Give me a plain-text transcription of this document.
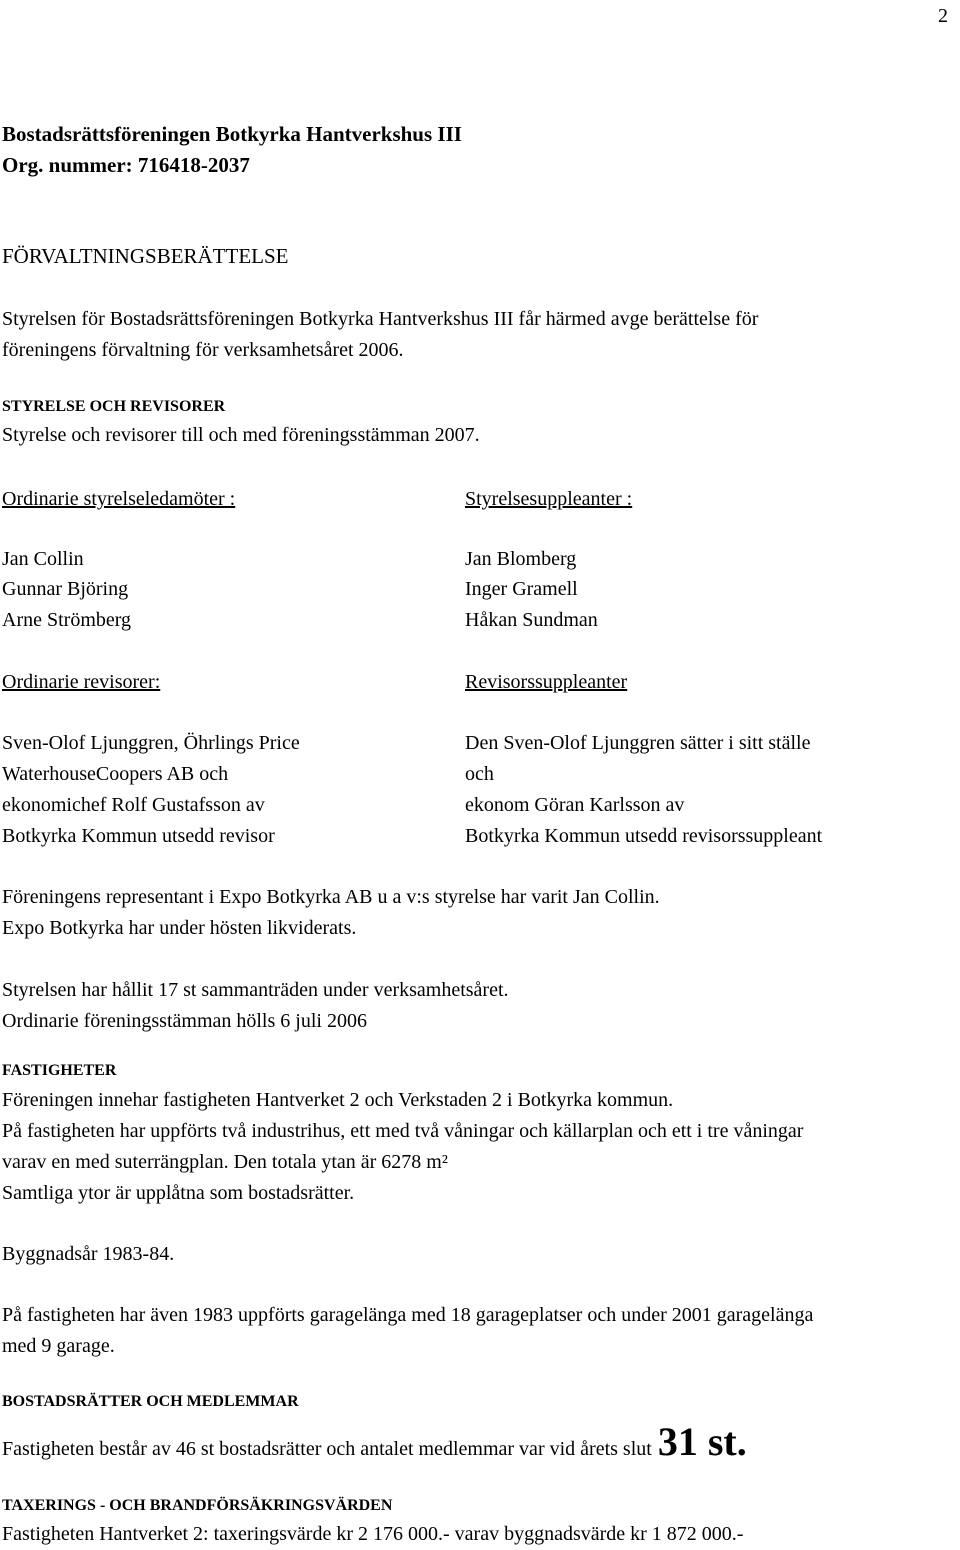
2
Bostadsrättsföreningen Botkyrka Hantverkshus III
Org. nummer: 716418-2037
FÖRVALTNINGSBERÄTTELSE
Styrelsen för Bostadsrättsföreningen Botkyrka Hantverkshus III får härmed avge berättelse för
föreningens förvaltning för verksamhetsåret 2006.
STYRELSE OCH REVISORER
Styrelse och revisorer till och med föreningsstämman 2007.
Ordinarie styrelseledamöter :
Jan Collin
Gunnar Björing
Arne Strömberg
Ordinarie revisorer:
Sven-Olof Ljunggren, Öhrlings Price
WaterhouseCoopers AB och
ekonomichef Rolf Gustafsson av
Botkyrka Kommun utsedd revisor
Styrelsesuppleanter :
Jan Blomberg
Inger Gramell
Håkan Sundman
Revisorssuppleanter
Den Sven-Olof Ljunggren sätter i sitt ställe
och
ekonom Göran Karlsson av
Botkyrka Kommun utsedd revisorssuppleant
Föreningens representant i Expo Botkyrka AB u a v:s styrelse har varit Jan Collin.
Expo Botkyrka har under hösten likviderats.
Styrelsen har hållit 17 st sammanträden under verksamhetsåret.
Ordinarie föreningsstämman hölls 6 juli 2006
FASTIGHETER
Föreningen innehar fastigheten Hantverket 2 och Verkstaden 2 i Botkyrka kommun.
På fastigheten har uppförts två industrihus, ett med två våningar och källarplan och ett i tre våningar
varav en med suterrängplan. Den totala ytan är 6278 m²
Samtliga ytor är upplåtna som bostadsrätter.
Byggnadsår 1983-84.
På fastigheten har även 1983 uppförts garagelänga med 18 garageplatser och under 2001 garagelänga
med 9 garage.
BOSTADSRÄTTER OCH MEDLEMMAR
Fastigheten består av 46 st bostadsrätter och antalet medlemmar var vid årets slut 31 st.
TAXERINGS - OCH BRANDFÖRSÄKRINGSVÄRDEN
Fastigheten Hantverket 2: taxeringsvärde kr 2 176 000.- varav byggnadsvärde kr 1 872 000.-
